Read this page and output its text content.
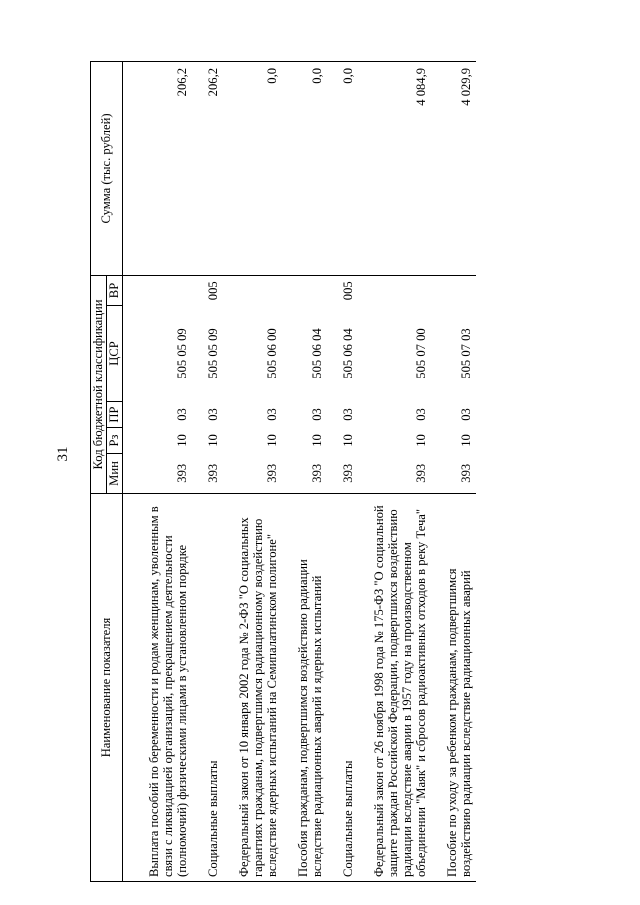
31
Наименование показателя	Код бюджетной классификации					Сумма (тыс. рублей)
	Мин	Рз	ПР	ЦСР	ВР	

Выплата пособий по беременности и родам женщинам, уволенным в связи с ликвидацией организаций, прекращением деятельности (полномочий) физическими лицами в установленном порядке	393	10	03	505 05 09		206,2
Социальные выплаты	393	10	03	505 05 09	005	206,2
Федеральный закон от 10 января 2002 года № 2-ФЗ "О социальных гарантиях гражданам, подвергшимся радиационному воздействию вследствие ядерных испытаний на Семипалатинском полигоне"	393	10	03	505 06 00		0,0
Пособия гражданам, подвергшимся воздействию радиации вследствие радиационных аварий и ядерных испытаний	393	10	03	505 06 04		0,0
Социальные выплаты	393	10	03	505 06 04	005	0,0
Федеральный закон от 26 ноября 1998 года № 175-ФЗ "О социальной защите граждан Российской Федерации, подвергшихся воздействию радиации вследствие аварии в 1957 году на производственном объединении "Маяк" и сбросов радиоактивных отходов в реку Теча"	393	10	03	505 07 00		4 084,9
Пособие по уходу за ребенком гражданам, подвергшимся воздействию радиации вследствие радиационных аварий	393	10	03	505 07 03		4 029,9
